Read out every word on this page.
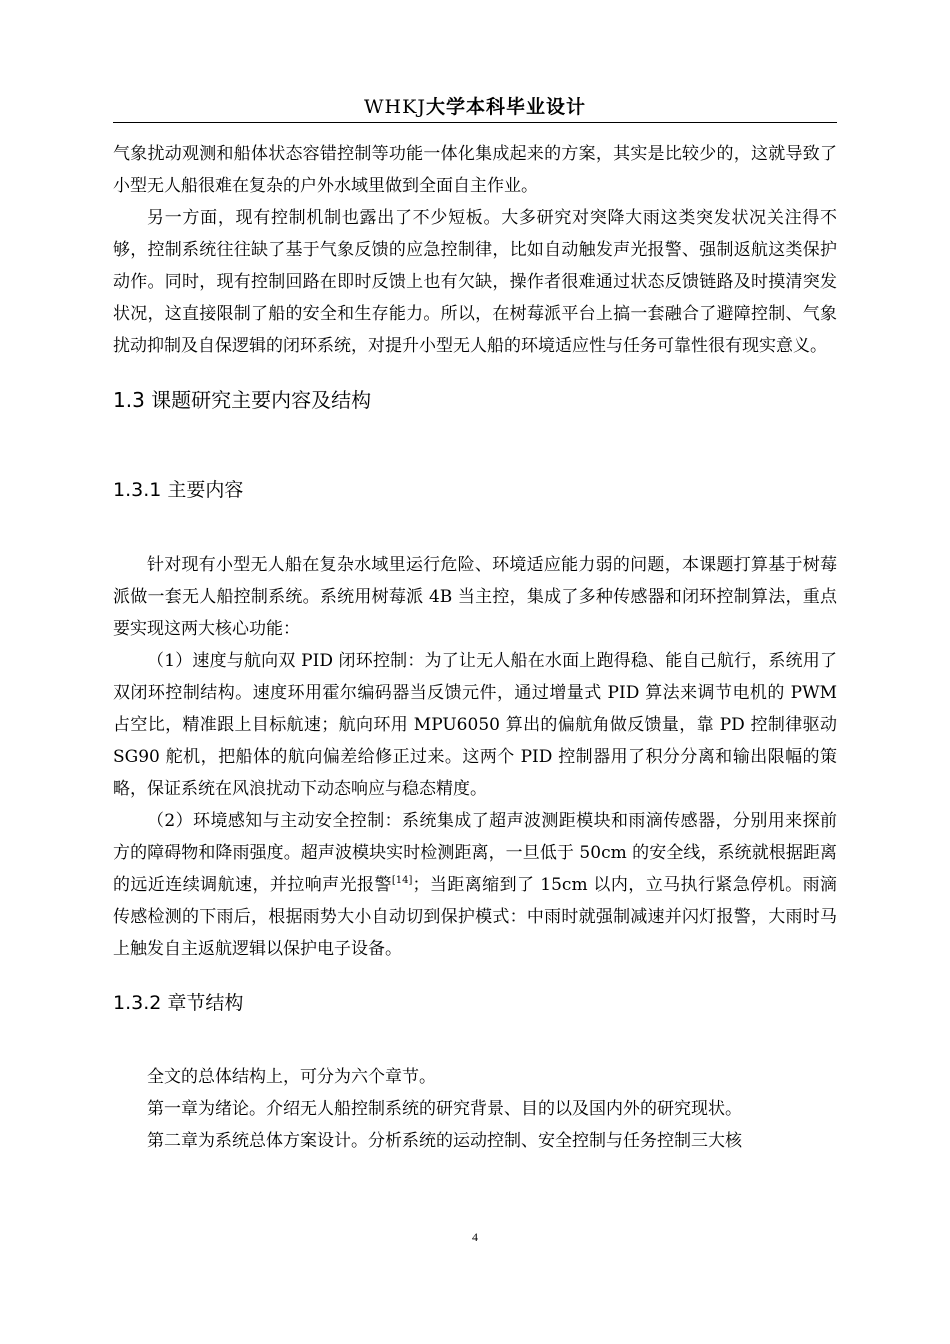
WHKJ大学本科毕业设计

气象扰动观测和船体状态容错控制等功能一体化集成起来的方案，其实是比较少的，这就导致了小型无人船很难在复杂的户外水域里做到全面自主作业。

另一方面，现有控制机制也露出了不少短板。大多研究对突降大雨这类突发状况关注得不够，控制系统往往缺了基于气象反馈的应急控制律，比如自动触发声光报警、强制返航这类保护动作。同时，现有控制回路在即时反馈上也有欠缺，操作者很难通过状态反馈链路及时摸清突发状况，这直接限制了船的安全和生存能力。所以，在树莓派平台上搞一套融合了避障控制、气象扰动抑制及自保逻辑的闭环系统，对提升小型无人船的环境适应性与任务可靠性很有现实意义。

1.3 课题研究主要内容及结构

1.3.1 主要内容

针对现有小型无人船在复杂水域里运行危险、环境适应能力弱的问题，本课题打算基于树莓派做一套无人船控制系统。系统用树莓派 4B 当主控，集成了多种传感器和闭环控制算法，重点要实现这两大核心功能：

（1）速度与航向双 PID 闭环控制：为了让无人船在水面上跑得稳、能自己航行，系统用了双闭环控制结构。速度环用霍尔编码器当反馈元件，通过增量式 PID 算法来调节电机的 PWM 占空比，精准跟上目标航速；航向环用 MPU6050 算出的偏航角做反馈量，靠 PD 控制律驱动 SG90 舵机，把船体的航向偏差给修正过来。这两个 PID 控制器用了积分分离和输出限幅的策略，保证系统在风浪扰动下动态响应与稳态精度。

（2）环境感知与主动安全控制：系统集成了超声波测距模块和雨滴传感器，分别用来探前方的障碍物和降雨强度。超声波模块实时检测距离，一旦低于 50cm 的安全线，系统就根据距离的远近连续调航速，并拉响声光报警[14]；当距离缩到了 15cm 以内，立马执行紧急停机。雨滴传感检测的下雨后，根据雨势大小自动切到保护模式：中雨时就强制减速并闪灯报警，大雨时马上触发自主返航逻辑以保护电子设备。

1.3.2 章节结构

全文的总体结构上，可分为六个章节。

第一章为绪论。介绍无人船控制系统的研究背景、目的以及国内外的研究现状。

第二章为系统总体方案设计。分析系统的运动控制、安全控制与任务控制三大核

4
